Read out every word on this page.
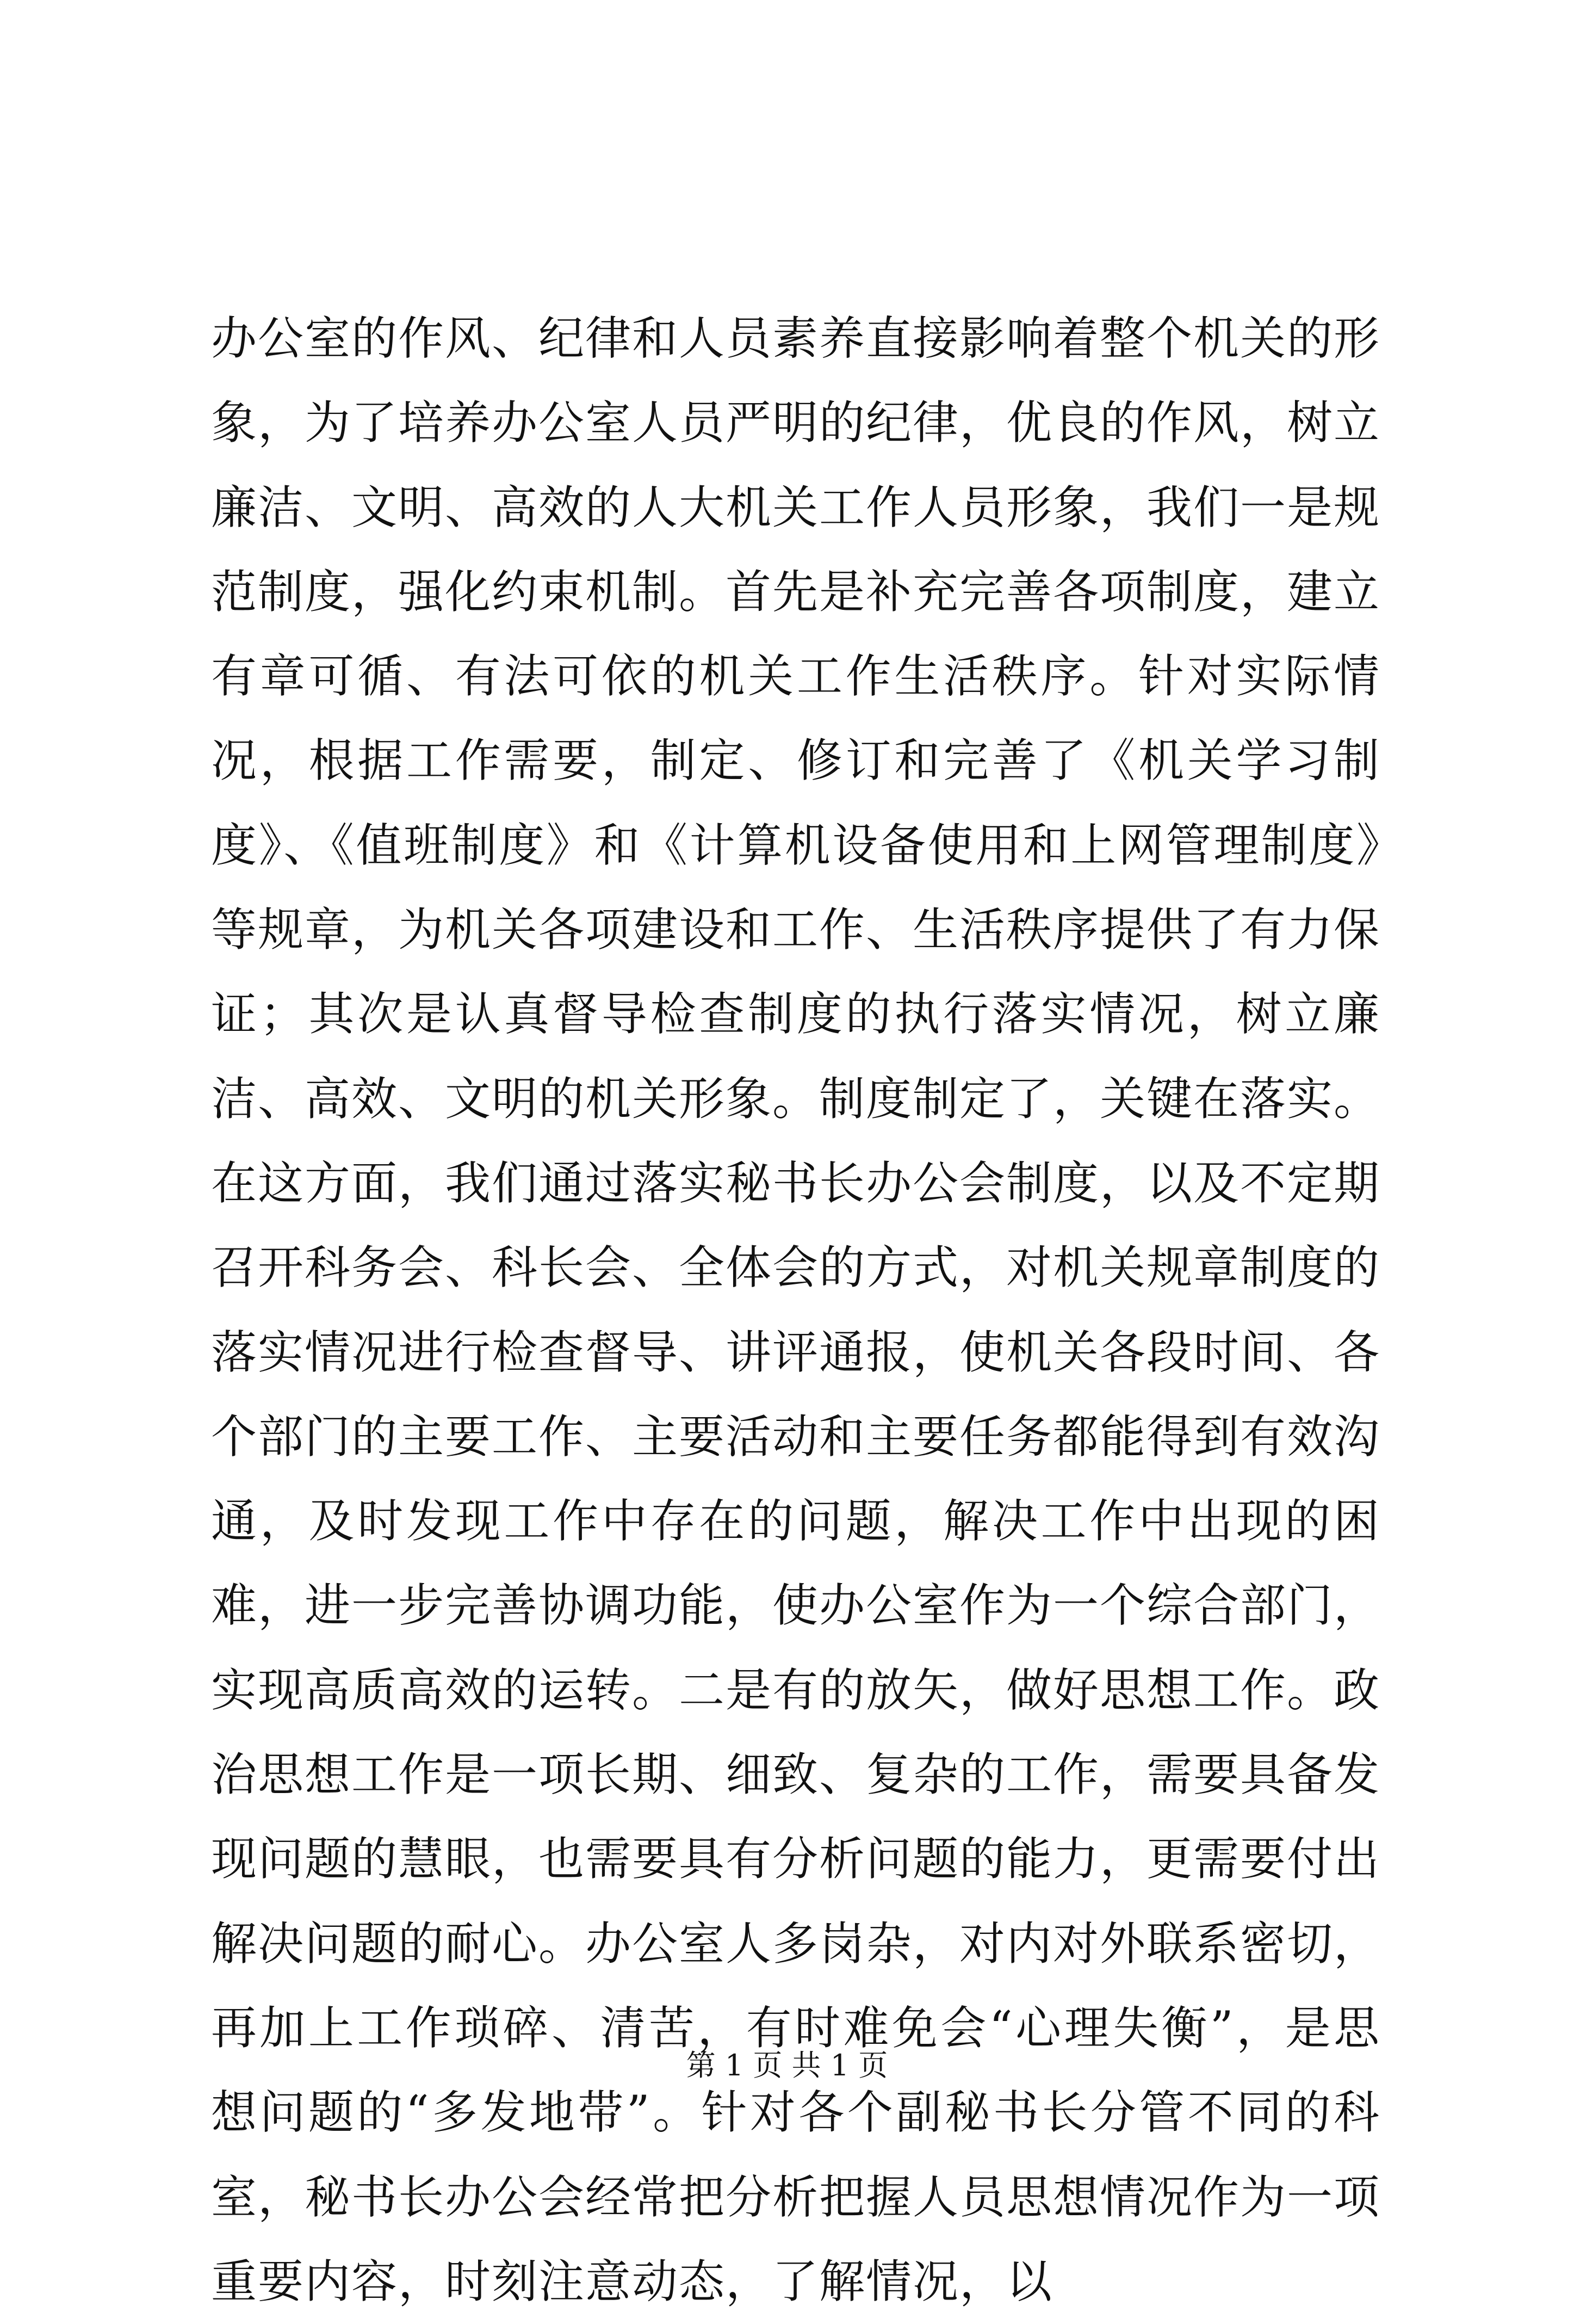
办公室的作风、纪律和人员素养直接影响着整个机关的形象，为了培养办公室人员严明的纪律，优良的作风，树立廉洁、文明、高效的人大机关工作人员形象，我们一是规范制度，强化约束机制。首先是补充完善各项制度，建立有章可循、有法可依的机关工作生活秩序。针对实际情况，根据工作需要，制定、修订和完善了《机关学习制度》、《值班制度》和《计算机设备使用和上网管理制度》等规章，为机关各项建设和工作、生活秩序提供了有力保证；其次是认真督导检查制度的执行落实情况，树立廉洁、高效、文明的机关形象。制度制定了，关键在落实。在这方面，我们通过落实秘书长办公会制度，以及不定期召开科务会、科长会、全体会的方式，对机关规章制度的落实情况进行检查督导、讲评通报，使机关各段时间、各个部门的主要工作、主要活动和主要任务都能得到有效沟通，及时发现工作中存在的问题，解决工作中出现的困难，进一步完善协调功能，使办公室作为一个综合部门，实现高质高效的运转。二是有的放矢，做好思想工作。政治思想工作是一项长期、细致、复杂的工作，需要具备发现问题的慧眼，也需要具有分析问题的能力，更需要付出解决问题的耐心。办公室人多岗杂，对内对外联系密切，再加上工作琐碎、清苦，有时难免会“心理失衡”，是思想问题的“多发地带”。针对各个副秘书长分管不同的科室，秘书长办公会经常把分析把握人员思想情况作为一项重要内容，时刻注意动态，了解情况，以

第 1 页 共 1 页
